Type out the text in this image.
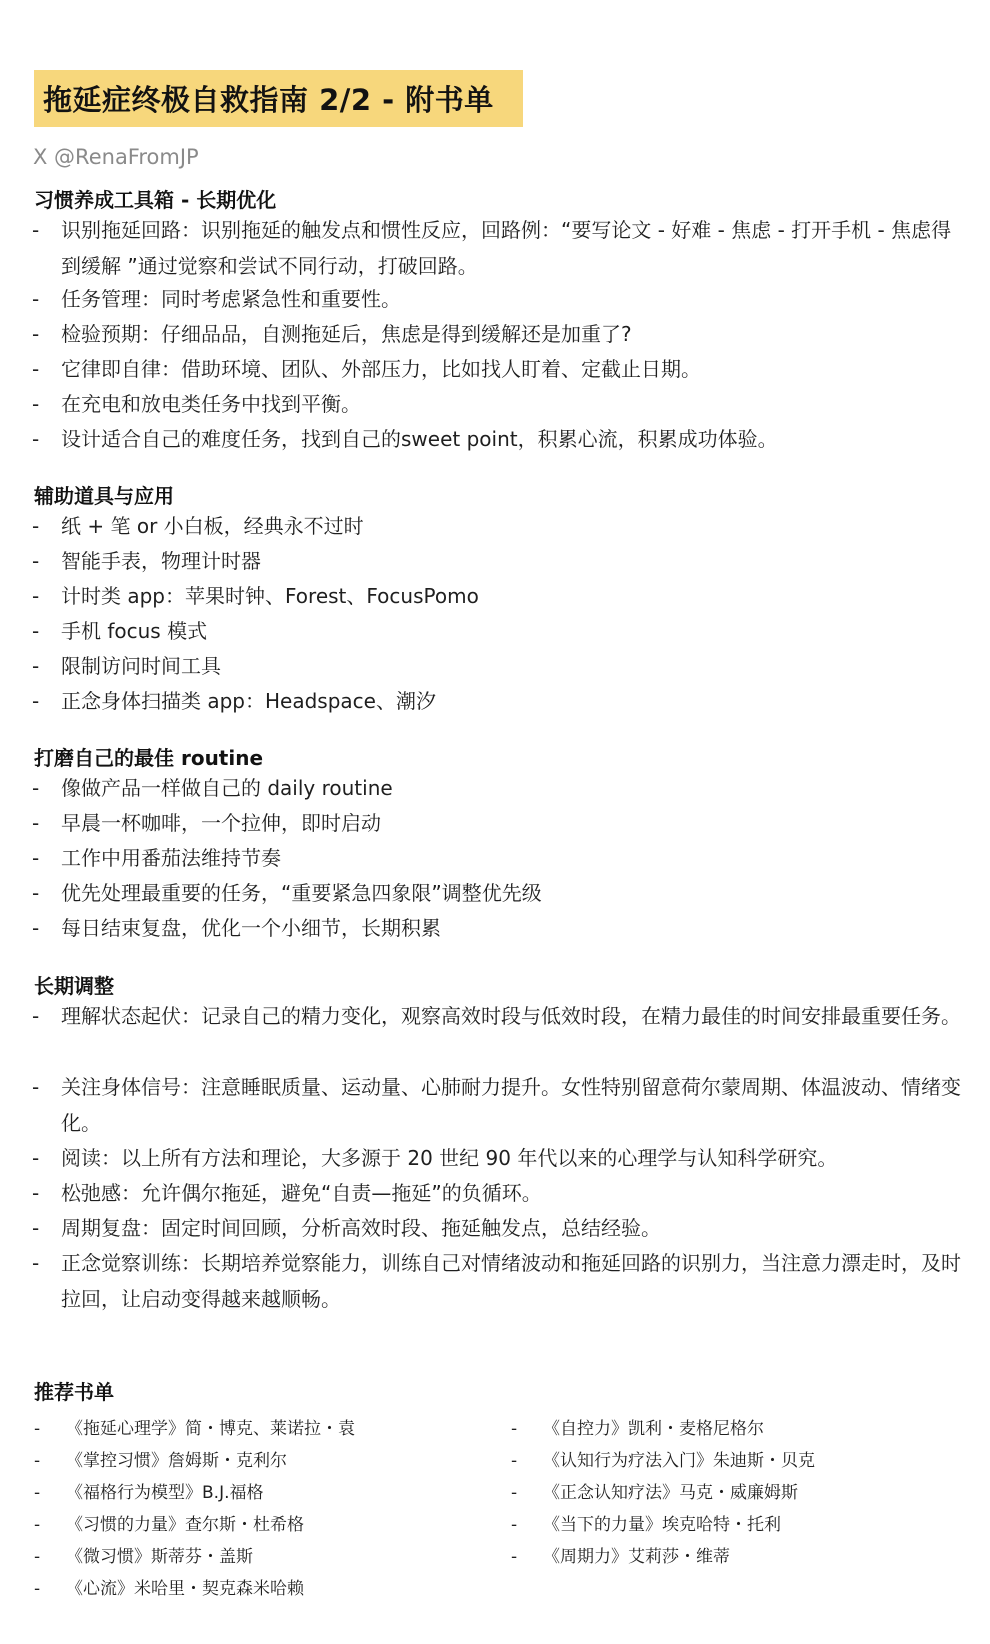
拖延症终极自救指南 2/2 - 附书单
X @RenaFromJP
习惯养成工具箱 - 长期优化
- 识别拖延回路：识别拖延的触发点和惯性反应，回路例：“要写论文 - 好难 - 焦虑 - 打开手机 - 焦虑得到缓解 ”通过觉察和尝试不同行动，打破回路。
- 任务管理：同时考虑紧急性和重要性。
- 检验预期：仔细品品，自测拖延后，焦虑是得到缓解还是加重了?
- 它律即自律：借助环境、团队、外部压力，比如找人盯着、定截止日期。
- 在充电和放电类任务中找到平衡。
- 设计适合自己的难度任务，找到自己的sweet point，积累心流，积累成功体验。
辅助道具与应用
- 纸 + 笔 or 小白板，经典永不过时
- 智能手表，物理计时器
- 计时类 app：苹果时钟、Forest、FocusPomo
- 手机 focus 模式
- 限制访问时间工具
- 正念身体扫描类 app：Headspace、潮汐
打磨自己的最佳 routine
- 像做产品一样做自己的 daily routine
- 早晨一杯咖啡，一个拉伸，即时启动
- 工作中用番茄法维持节奏
- 优先处理最重要的任务，“重要紧急四象限”调整优先级
- 每日结束复盘，优化一个小细节，长期积累
长期调整
- 理解状态起伏：记录自己的精力变化，观察高效时段与低效时段，在精力最佳的时间安排最重要任务。
- 关注身体信号：注意睡眠质量、运动量、心肺耐力提升。女性特别留意荷尔蒙周期、体温波动、情绪变化。
- 阅读：以上所有方法和理论，大多源于 20 世纪 90 年代以来的心理学与认知科学研究。
- 松弛感：允许偶尔拖延，避免“自责—拖延”的负循环。
- 周期复盘：固定时间回顾，分析高效时段、拖延触发点，总结经验。
- 正念觉察训练：长期培养觉察能力，训练自己对情绪波动和拖延回路的识别力，当注意力漂走时，及时拉回，让启动变得越来越顺畅。
推荐书单
- 《拖延心理学》简・博克、莱诺拉・袁
- 《掌控习惯》詹姆斯・克利尔
- 《福格行为模型》B.J.福格
- 《习惯的力量》查尔斯・杜希格
- 《微习惯》斯蒂芬・盖斯
- 《心流》米哈里・契克森米哈赖
- 《自控力》凯利・麦格尼格尔
- 《认知行为疗法入门》朱迪斯・贝克
- 《正念认知疗法》马克・威廉姆斯
- 《当下的力量》埃克哈特・托利
- 《周期力》艾莉莎・维蒂
